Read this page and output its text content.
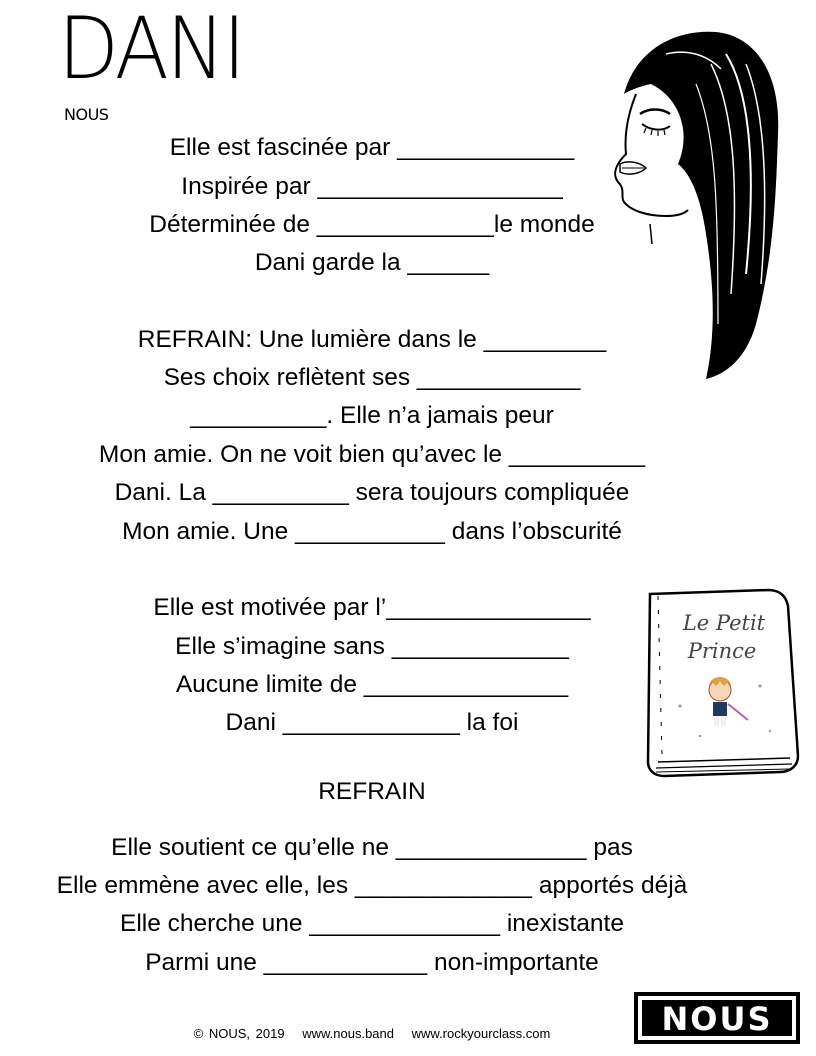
DANI
NOUS
Elle est fascinée par _____________
Inspirée par __________________
Déterminée de _____________le monde
Dani garde la ______
REFRAIN: Une lumière dans le _________
Ses choix reflètent ses ____________
__________. Elle n’a jamais peur
Mon amie. On ne voit bien qu’avec le __________
Dani. La __________ sera toujours compliquée
Mon amie. Une ___________ dans l’obscurité
Elle est motivée par l’_______________
Elle s’imagine sans _____________
Aucune limite de _______________
Dani _____________ la foi
REFRAIN
Elle soutient ce qu’elle ne ______________ pas
Elle emmène avec elle, les _____________ apportés déjà
Elle cherche une ______________ inexistante
Parmi une ____________ non-importante
Le Petit
Prince
NOUS
© NOUS, 2019 www.nous.band www.rockyourclass.com
